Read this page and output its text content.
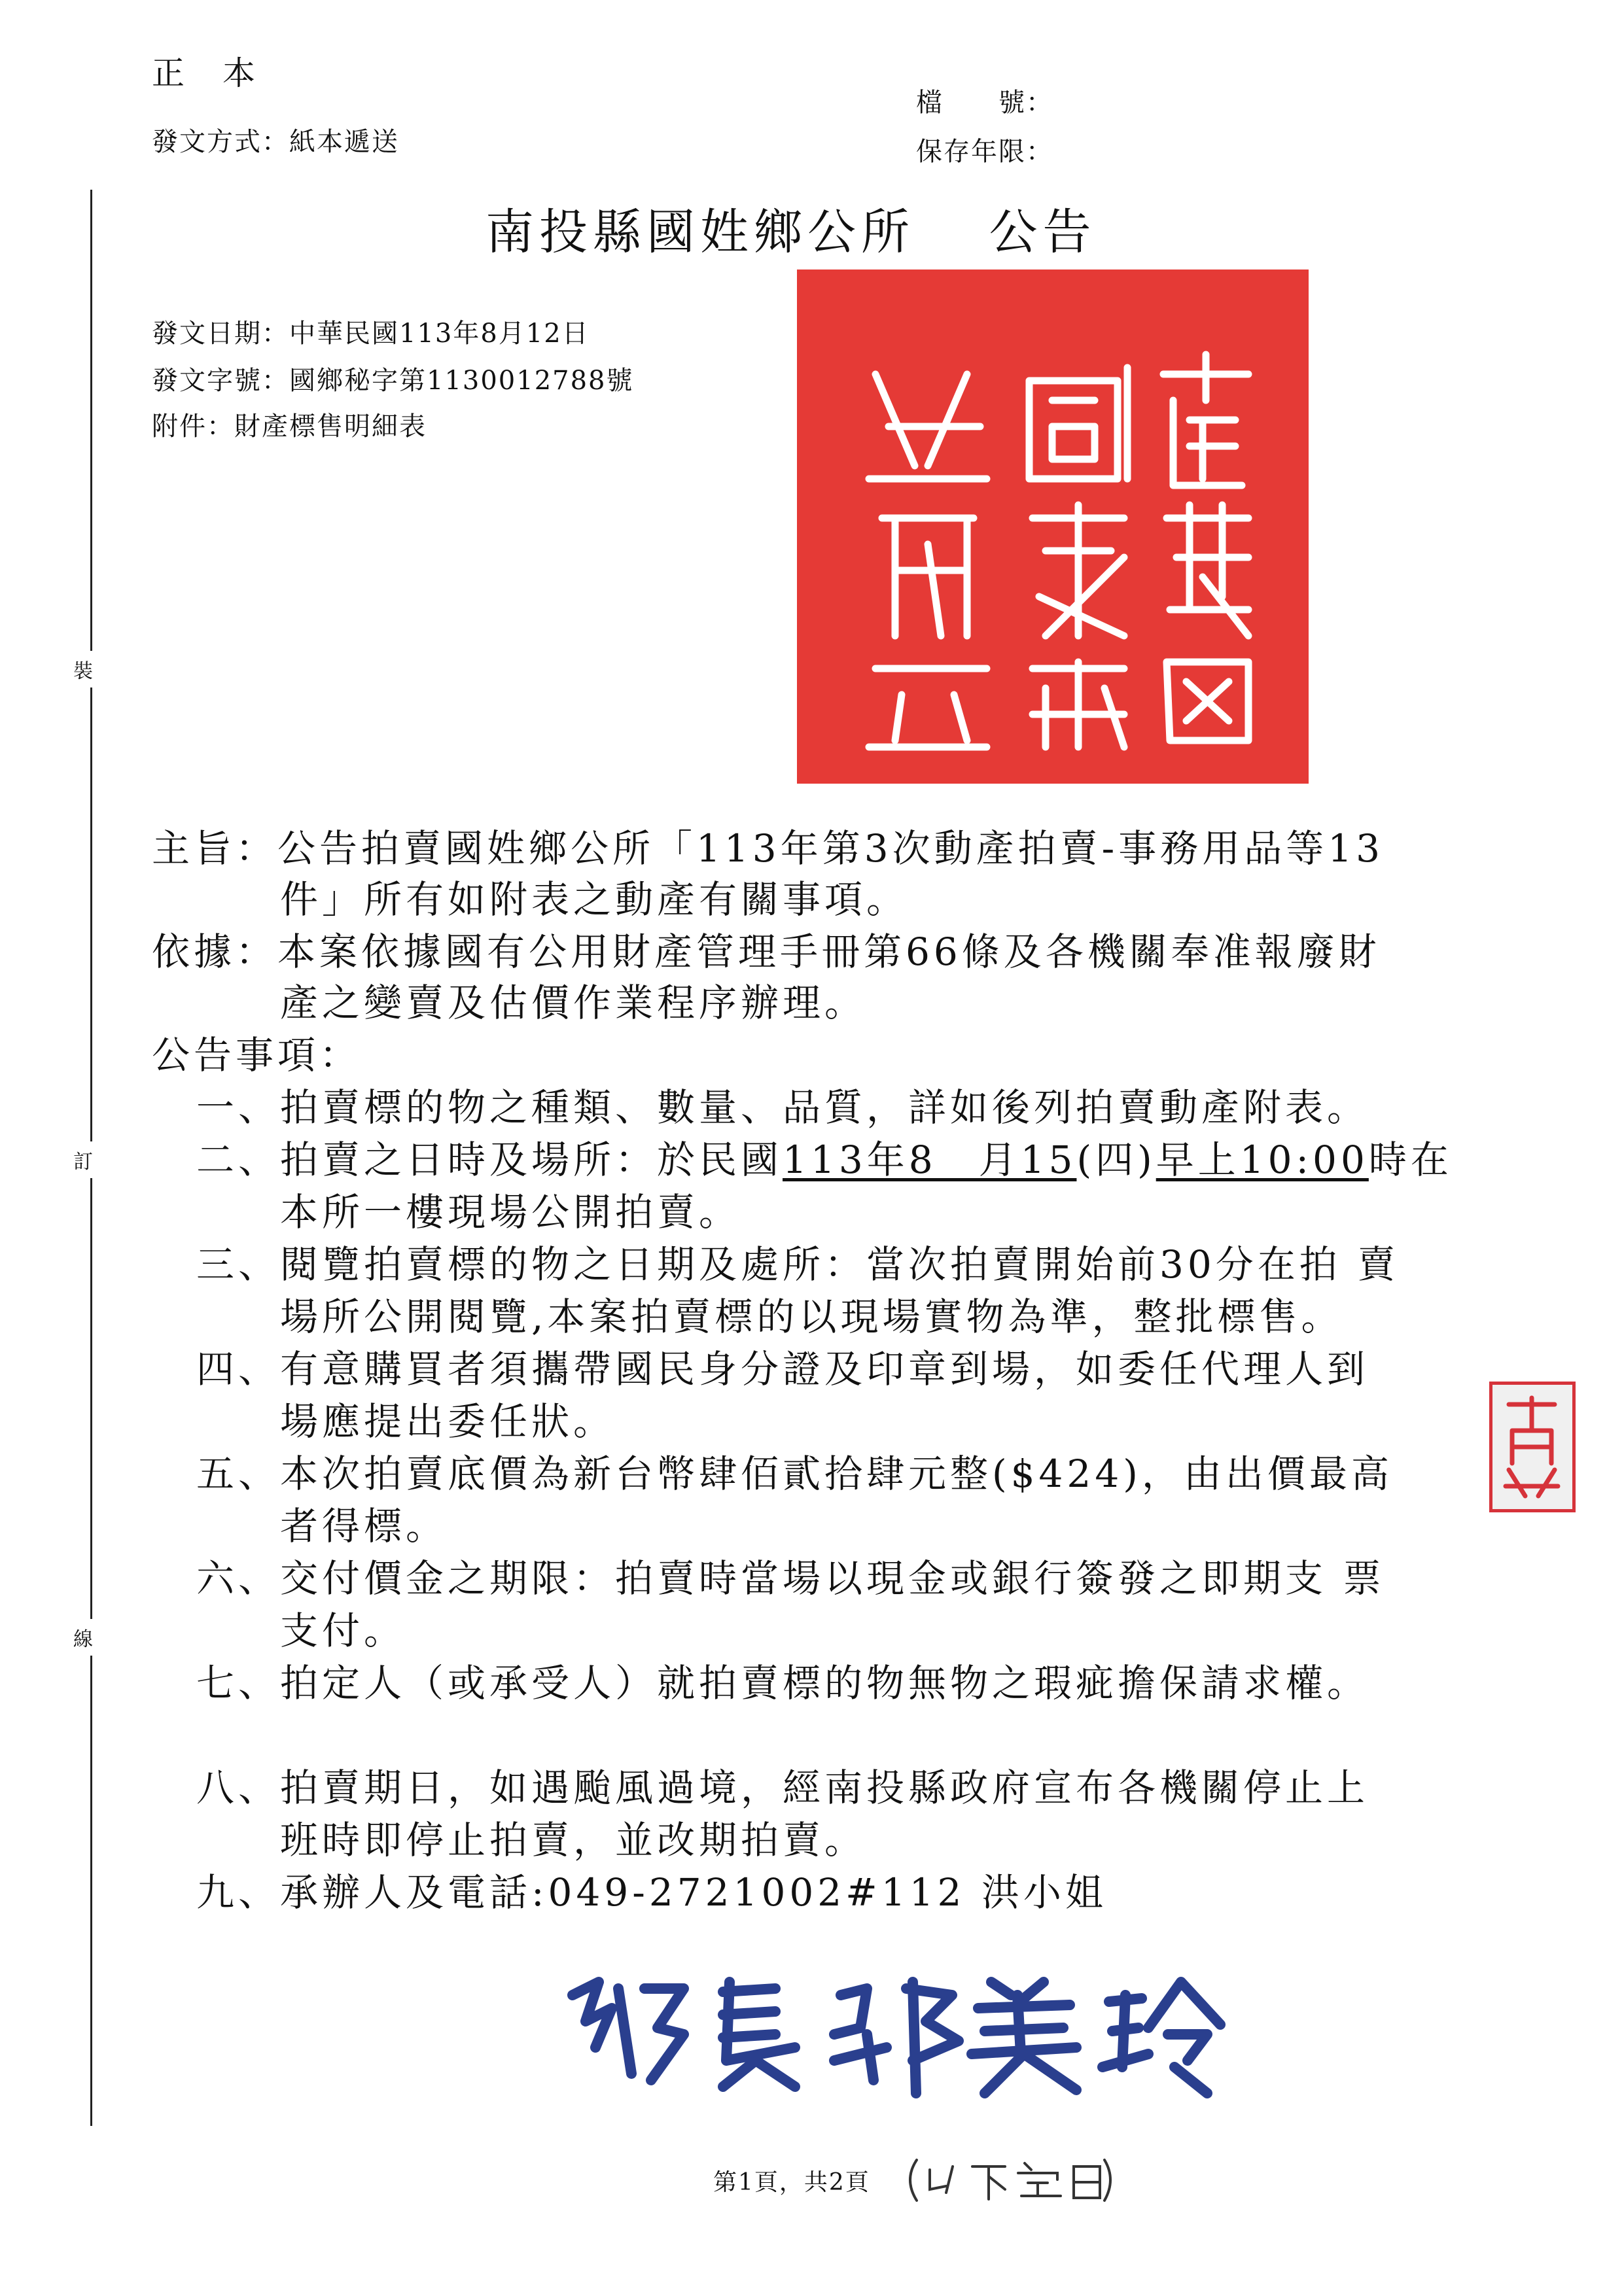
正　本
發文方式：紙本遞送
檔　　號：
保存年限：
裝
訂
線
南投縣國姓鄉公所　 公告
發文日期：中華民國113年8月12日
發文字號：國鄉秘字第1130012788號
附件：財產標售明細表
主旨：公告拍賣國姓鄉公所「113年第3次動產拍賣-事務用品等13
件」所有如附表之動產有關事項。
依據：本案依據國有公用財產管理手冊第66條及各機關奉准報廢財
產之變賣及估價作業程序辦理。
公告事項：
一、拍賣標的物之種類、數量、品質，詳如後列拍賣動產附表。
二、拍賣之日時及場所：於民國113年8　月15(四)早上10:00時在
本所一樓現場公開拍賣。
三、閱覽拍賣標的物之日期及處所：當次拍賣開始前30分在拍 賣
場所公開閱覽,本案拍賣標的以現場實物為準，整批標售。
四、有意購買者須攜帶國民身分證及印章到場，如委任代理人到
場應提出委任狀。
五、本次拍賣底價為新台幣肆佰貳拾肆元整($424)，由出價最高
者得標。
六、交付價金之期限：拍賣時當場以現金或銀行簽發之即期支 票
支付。
七、拍定人（或承受人）就拍賣標的物無物之瑕疵擔保請求權。
八、拍賣期日，如遇颱風過境，經南投縣政府宣布各機關停止上
班時即停止拍賣，並改期拍賣。
九、承辦人及電話:049-2721002#112 洪小姐
第1頁，共2頁
